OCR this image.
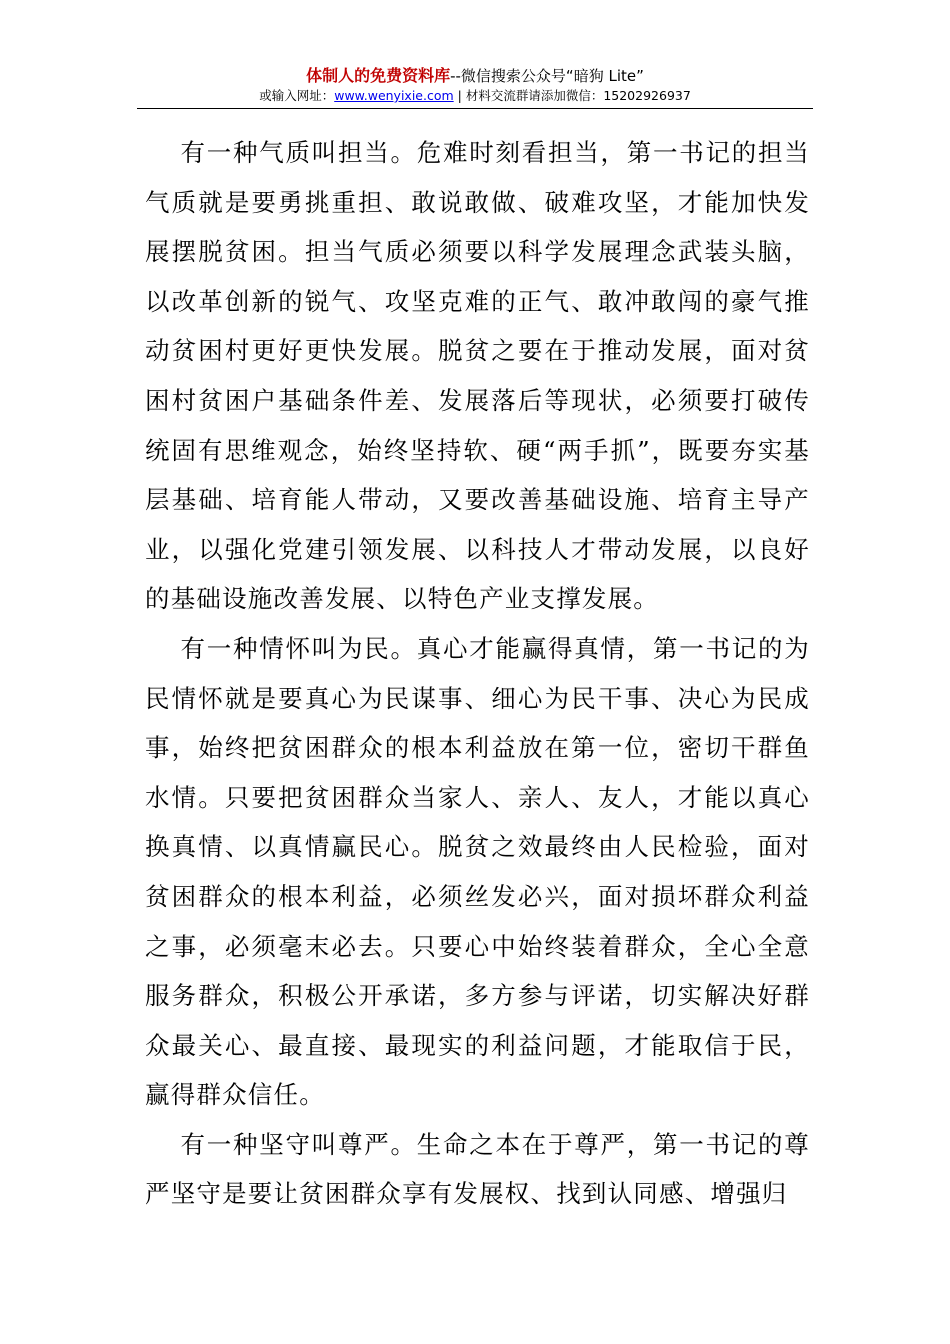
体制人的免费资料库--微信搜索公众号“暗狗 Lite”
或输入网址：www.wenyixie.com | 材料交流群请添加微信：15202926937

有一种气质叫担当。危难时刻看担当，第一书记的担当气质就是要勇挑重担、敢说敢做、破难攻坚，才能加快发展摆脱贫困。担当气质必须要以科学发展理念武装头脑，以改革创新的锐气、攻坚克难的正气、敢冲敢闯的豪气推动贫困村更好更快发展。脱贫之要在于推动发展，面对贫困村贫困户基础条件差、发展落后等现状，必须要打破传统固有思维观念，始终坚持软、硬“两手抓”，既要夯实基层基础、培育能人带动，又要改善基础设施、培育主导产业，以强化党建引领发展、以科技人才带动发展，以良好的基础设施改善发展、以特色产业支撑发展。

有一种情怀叫为民。真心才能赢得真情，第一书记的为民情怀就是要真心为民谋事、细心为民干事、决心为民成事，始终把贫困群众的根本利益放在第一位，密切干群鱼水情。只要把贫困群众当家人、亲人、友人，才能以真心换真情、以真情赢民心。脱贫之效最终由人民检验，面对贫困群众的根本利益，必须丝发必兴，面对损坏群众利益之事，必须毫末必去。只要心中始终装着群众，全心全意服务群众，积极公开承诺，多方参与评诺，切实解决好群众最关心、最直接、最现实的利益问题，才能取信于民，赢得群众信任。

有一种坚守叫尊严。生命之本在于尊严，第一书记的尊严坚守是要让贫困群众享有发展权、找到认同感、增强归
